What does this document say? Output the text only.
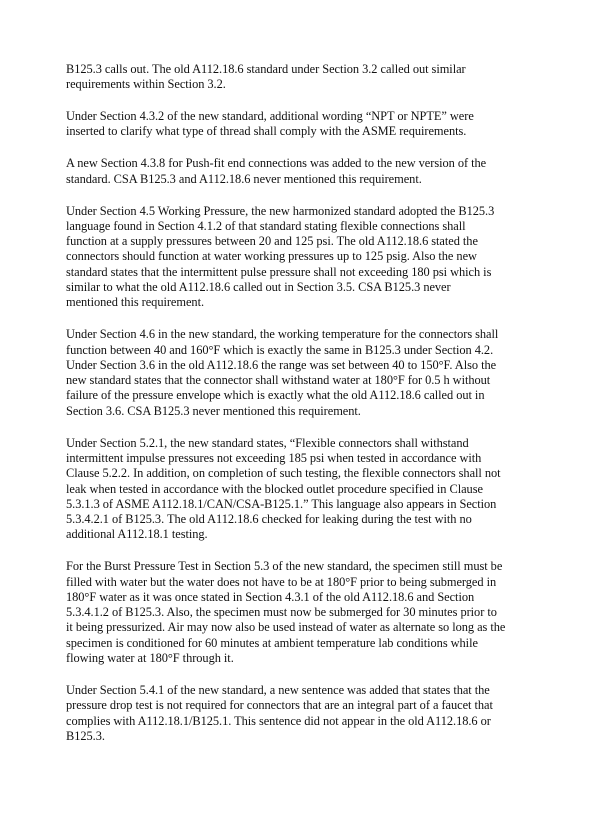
B125.3 calls out. The old A112.18.6 standard under Section 3.2 called out similar
requirements within Section 3.2.

Under Section 4.3.2 of the new standard, additional wording “NPT or NPTE” were
inserted to clarify what type of thread shall comply with the ASME requirements.

A new Section 4.3.8 for Push-fit end connections was added to the new version of the
standard. CSA B125.3 and A112.18.6 never mentioned this requirement.

Under Section 4.5 Working Pressure, the new harmonized standard adopted the B125.3
language found in Section 4.1.2 of that standard stating flexible connections shall
function at a supply pressures between 20 and 125 psi. The old A112.18.6 stated the
connectors should function at water working pressures up to 125 psig. Also the new
standard states that the intermittent pulse pressure shall not exceeding 180 psi which is
similar to what the old A112.18.6 called out in Section 3.5. CSA B125.3 never
mentioned this requirement.

Under Section 4.6 in the new standard, the working temperature for the connectors shall
function between 40 and 160°F which is exactly the same in B125.3 under Section 4.2.
Under Section 3.6 in the old A112.18.6 the range was set between 40 to 150°F. Also the
new standard states that the connector shall withstand water at 180°F for 0.5 h without
failure of the pressure envelope which is exactly what the old A112.18.6 called out in
Section 3.6. CSA B125.3 never mentioned this requirement.

Under Section 5.2.1, the new standard states, “Flexible connectors shall withstand
intermittent impulse pressures not exceeding 185 psi when tested in accordance with
Clause 5.2.2. In addition, on completion of such testing, the flexible connectors shall not
leak when tested in accordance with the blocked outlet procedure specified in Clause
5.3.1.3 of ASME A112.18.1/CAN/CSA-B125.1.” This language also appears in Section
5.3.4.2.1 of B125.3. The old A112.18.6 checked for leaking during the test with no
additional A112.18.1 testing.

For the Burst Pressure Test in Section 5.3 of the new standard, the specimen still must be
filled with water but the water does not have to be at 180°F prior to being submerged in
180°F water as it was once stated in Section 4.3.1 of the old A112.18.6 and Section
5.3.4.1.2 of B125.3. Also, the specimen must now be submerged for 30 minutes prior to
it being pressurized. Air may now also be used instead of water as alternate so long as the
specimen is conditioned for 60 minutes at ambient temperature lab conditions while
flowing water at 180°F through it.

Under Section 5.4.1 of the new standard, a new sentence was added that states that the
pressure drop test is not required for connectors that are an integral part of a faucet that
complies with A112.18.1/B125.1. This sentence did not appear in the old A112.18.6 or
B125.3.
